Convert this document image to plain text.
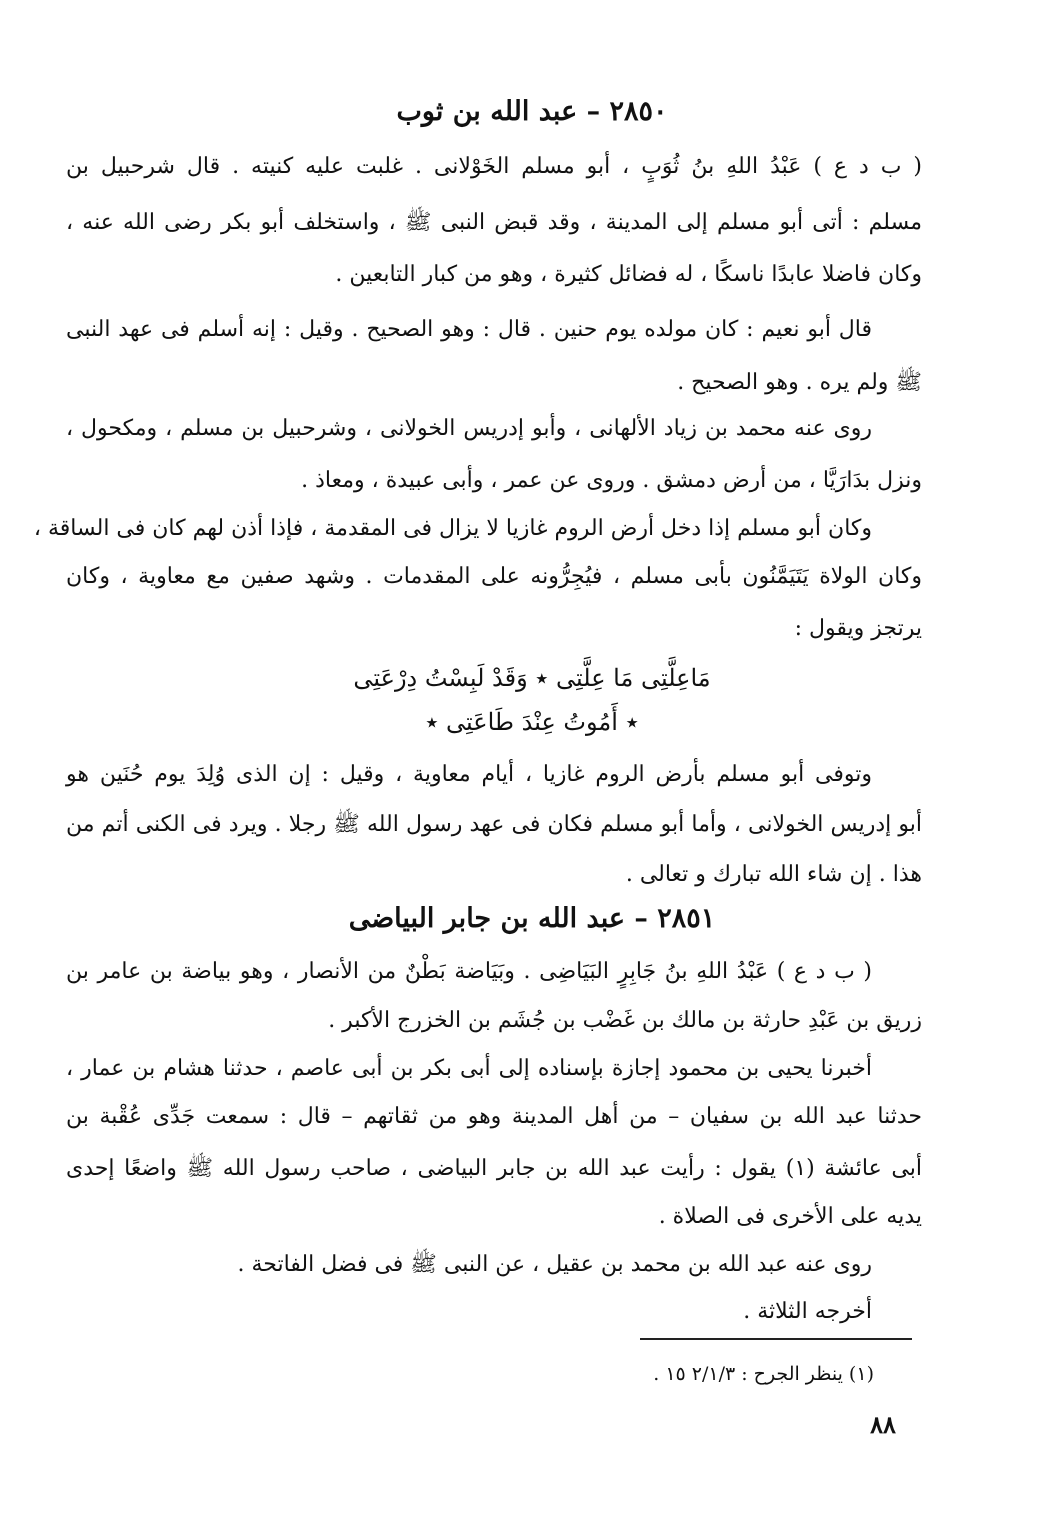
٢٨٥٠ – عبد الله بن ثوب

( ب د ع ) عَبْدُ اللهِ بنُ ثُوَبٍ ، أبو مسلم الخَوْلانى . غلبت عليه كنيته . قال شرحبيل بن

مسلم : أتى أبو مسلم إلى المدينة ، وقد قبض النبى ﷺ ، واستخلف أبو بكر رضى الله عنه ،

وكان فاضلا عابدًا ناسكًا ، له فضائل كثيرة ، وهو من كبار التابعين .

قال أبو نعيم : كان مولده يوم حنين . قال : وهو الصحيح . وقيل : إنه أسلم فى عهد النبى

ﷺ ولم يره . وهو الصحيح .

روى عنه محمد بن زياد الألهانى ، وأبو إدريس الخولانى ، وشرحبيل بن مسلم ، ومكحول ،

ونزل بدَارَيَّا ، من أرض دمشق . وروى عن عمر ، وأبى عبيدة ، ومعاذ .

وكان أبو مسلم إذا دخل أرض الروم غازيا لا يزال فى المقدمة ، فإذا أذن لهم كان فى الساقة ،

وكان الولاة يَتَيَمَّنُون بأبى مسلم ، فيُجِرُّونه على المقدمات . وشهد صفين مع معاوية ، وكان

يرتجز ويقول :

مَاعِلَّتِى مَا عِلَّتِى ٭ وَقَدْ لَبِسْتُ دِرْعَتِى

٭ أَمُوتُ عِنْدَ طَاعَتِى ٭

وتوفى أبو مسلم بأرض الروم غازيا ، أيام معاوية ، وقيل : إن الذى وُلِدَ يوم حُنَين هو

أبو إدريس الخولانى ، وأما أبو مسلم فكان فى عهد رسول الله ﷺ رجلا . ويرد فى الكنى أتم من

هذا . إن شاء الله تبارك و تعالى .

٢٨٥١ – عبد الله بن جابر البياضى

( ب د ع ) عَبْدُ اللهِ بنُ جَابِرٍ البَيَاضِى . وبَيَاضة بَطْنٌ من الأنصار ، وهو بياضة بن عامر بن

زريق بن عَبْدِ حارثة بن مالك بن غَضْب بن جُشَم بن الخزرج الأكبر .

أخبرنا يحيى بن محمود إجازة بإسناده إلى أبى بكر بن أبى عاصم ، حدثنا هشام بن عمار ،

حدثنا عبد الله بن سفيان – من أهل المدينة وهو من ثقاتهم – قال : سمعت جَدِّى عُقْبة بن

أبى عائشة (١) يقول : رأيت عبد الله بن جابر البياضى ، صاحب رسول الله ﷺ واضعًا إحدى

يديه على الأخرى فى الصلاة .

روى عنه عبد الله بن محمد بن عقيل ، عن النبى ﷺ فى فضل الفاتحة .

أخرجه الثلاثة .

(١) ينظر الجرح : ٢/١/٣ ١٥ .

٨٨
